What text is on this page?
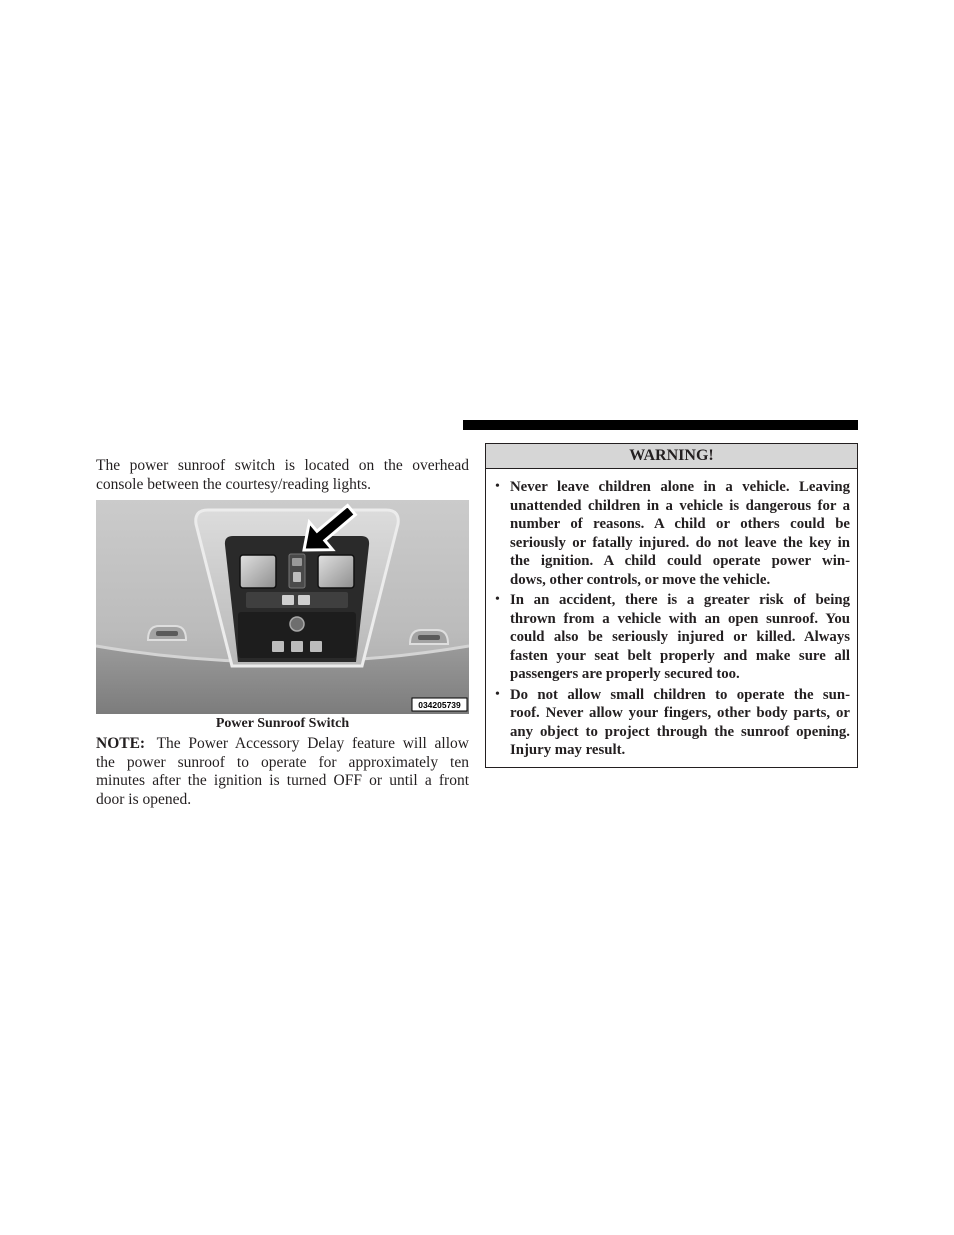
The power sunroof switch is located on the overhead
console between the courtesy/reading lights.
034205739
Power Sunroof Switch
NOTE: The Power Accessory Delay feature will allow
the power sunroof to operate for approximately ten
minutes after the ignition is turned OFF or until a front
door is opened.
WARNING!
• Never leave children alone in a vehicle. Leaving
unattended children in a vehicle is dangerous for a
number of reasons. A child or others could be
seriously or fatally injured. do not leave the key in
the ignition. A child could operate power win-
dows, other controls, or move the vehicle.
• In an accident, there is a greater risk of being
thrown from a vehicle with an open sunroof. You
could also be seriously injured or killed. Always
fasten your seat belt properly and make sure all
passengers are properly secured too.
• Do not allow small children to operate the sun-
roof. Never allow your fingers, other body parts, or
any object to project through the sunroof opening.
Injury may result.
